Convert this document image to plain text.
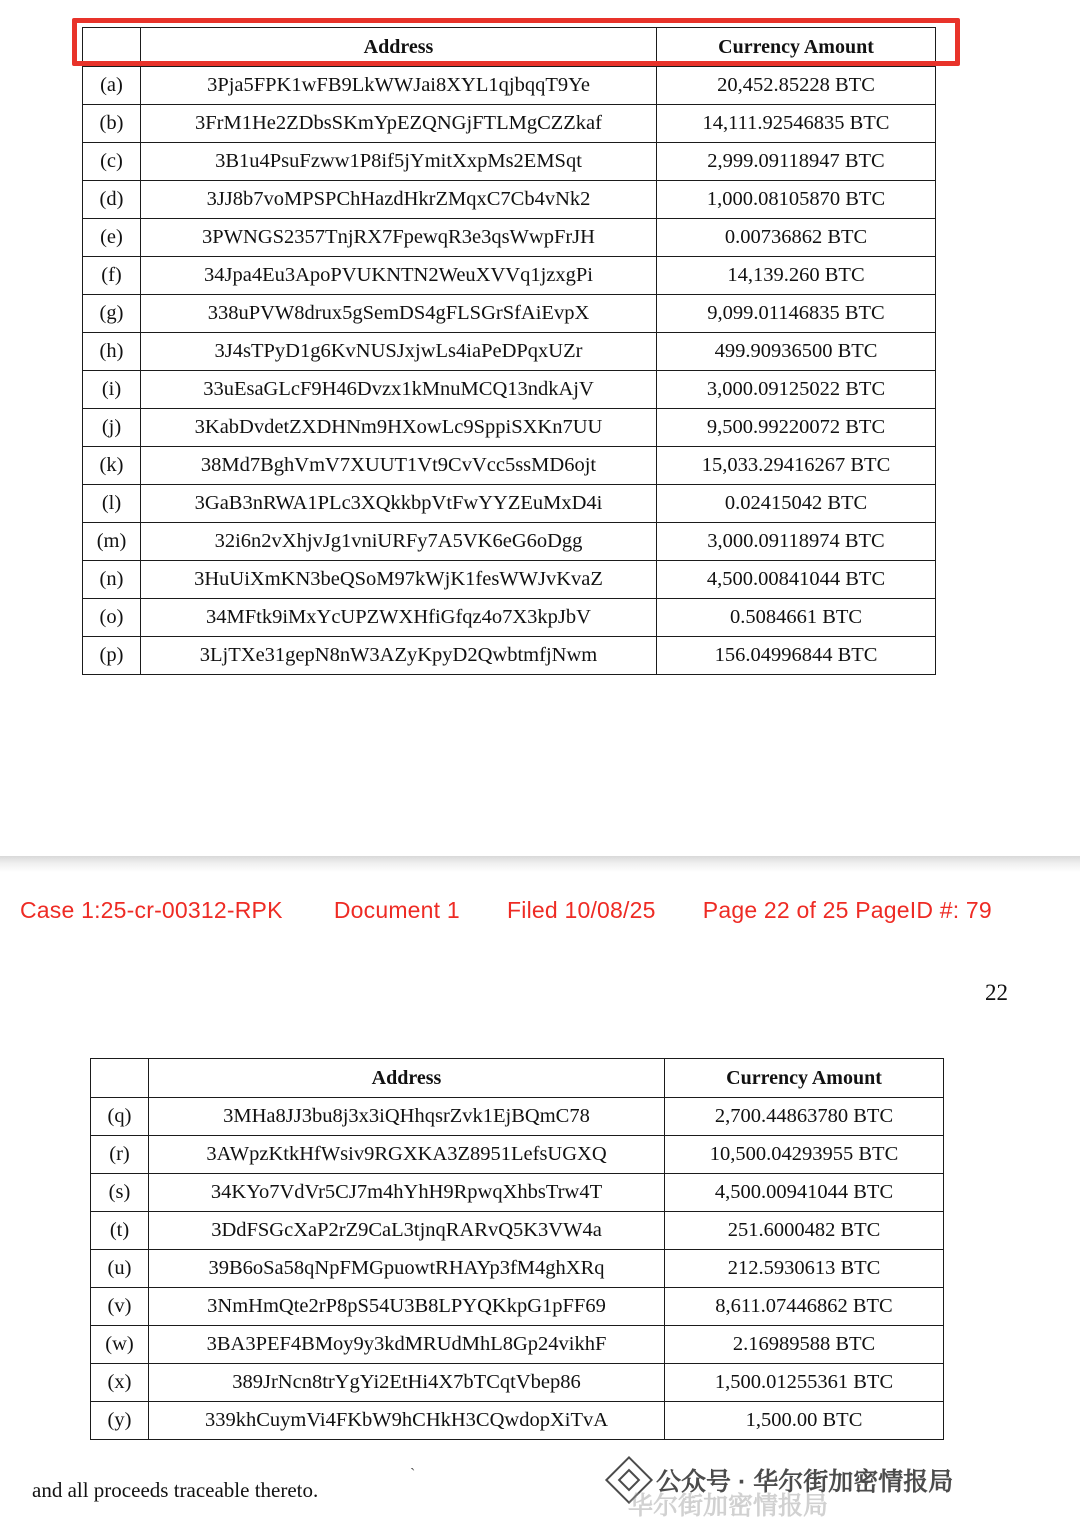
	Address	Currency Amount
(a)	3Pja5FPK1wFB9LkWWJai8XYL1qjbqqT9Ye	20,452.85228 BTC
(b)	3FrM1He2ZDbsSKmYpEZQNGjFTLMgCZZkaf	14,111.92546835 BTC
(c)	3B1u4PsuFzww1P8if5jYmitXxpMs2EMSqt	2,999.09118947 BTC
(d)	3JJ8b7voMPSPChHazdHkrZMqxC7Cb4vNk2	1,000.08105870 BTC
(e)	3PWNGS2357TnjRX7FpewqR3e3qsWwpFrJH	0.00736862 BTC
(f)	34Jpa4Eu3ApoPVUKNTN2WeuXVVq1jzxgPi	14,139.260 BTC
(g)	338uPVW8drux5gSemDS4gFLSGrSfAiEvpX	9,099.01146835 BTC
(h)	3J4sTPyD1g6KvNUSJxjwLs4iaPeDPqxUZr	499.90936500 BTC
(i)	33uEsaGLcF9H46Dvzx1kMnuMCQ13ndkAjV	3,000.09125022 BTC
(j)	3KabDvdetZXDHNm9HXowLc9SppiSXKn7UU	9,500.99220072 BTC
(k)	38Md7BghVmV7XUUT1Vt9CvVcc5ssMD6ojt	15,033.29416267 BTC
(l)	3GaB3nRWA1PLc3XQkkbpVtFwYYZEuMxD4i	0.02415042 BTC
(m)	32i6n2vXhjvJg1vniURFy7A5VK6eG6oDgg	3,000.09118974 BTC
(n)	3HuUiXmKN3beQSoM97kWjK1fesWWJvKvaZ	4,500.00841044 BTC
(o)	34MFtk9iMxYcUPZWXHfiGfqz4o7X3kpJbV	0.5084661 BTC
(p)	3LjTXe31gepN8nW3AZyKpyD2QwbtmfjNwm	156.04996844 BTC
Case 1:25-cr-00312-RPK Document 1 Filed 10/08/25 Page 22 of 25 PageID #: 79
22
	Address	Currency Amount
(q)	3MHa8JJ3bu8j3x3iQHhqsrZvk1EjBQmC78	2,700.44863780 BTC
(r)	3AWpzKtkHfWsiv9RGXKA3Z8951LefsUGXQ	10,500.04293955 BTC
(s)	34KYo7VdVr5CJ7m4hYhH9RpwqXhbsTrw4T	4,500.00941044 BTC
(t)	3DdFSGcXaP2rZ9CaL3tjnqRARvQ5K3VW4a	251.6000482 BTC
(u)	39B6oSa58qNpFMGpuowtRHAYp3fM4ghXRq	212.5930613 BTC
(v)	3NmHmQte2rP8pS54U3B8LPYQKkpG1pFF69	8,611.07446862 BTC
(w)	3BA3PEF4BMoy9y3kdMRUdMhL8Gp24vikhF	2.16989588 BTC
(x)	389JrNcn8trYgYi2EtHi4X7bTCqtVbep86	1,500.01255361 BTC
(y)	339khCuymVi4FKbW9hCHkH3CQwdopXiTvA	1,500.00 BTC
`
and all proceeds traceable thereto.	公众号 · 华尔街加密情报局
华尔街加密情报局
